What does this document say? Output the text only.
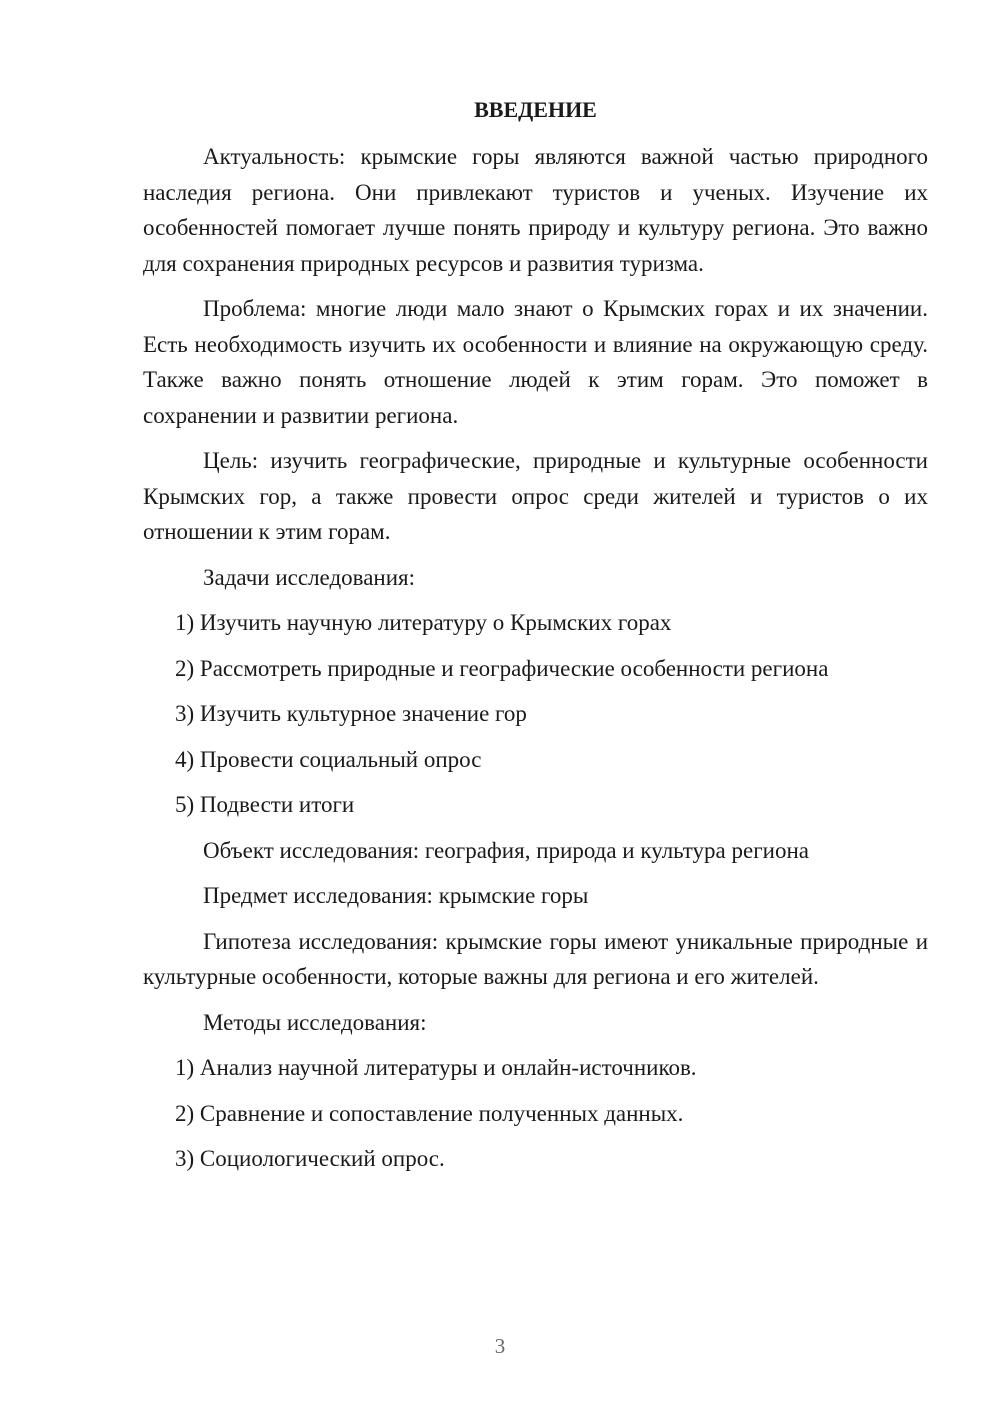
ВВЕДЕНИЕ

Актуальность: крымские горы являются важной частью природного наследия региона. Они привлекают туристов и ученых. Изучение их особенностей помогает лучше понять природу и культуру региона. Это важно для сохранения природных ресурсов и развития туризма.

Проблема: многие люди мало знают о Крымских горах и их значении. Есть необходимость изучить их особенности и влияние на окружающую среду. Также важно понять отношение людей к этим горам. Это поможет в сохранении и развитии региона.

Цель: изучить географические, природные и культурные особенности Крымских гор, а также провести опрос среди жителей и туристов о их отношении к этим горам.

Задачи исследования:

1) Изучить научную литературу о Крымских горах
2) Рассмотреть природные и географические особенности региона
3) Изучить культурное значение гор
4) Провести социальный опрос
5) Подвести итоги

Объект исследования: география, природа и культура региона

Предмет исследования: крымские горы

Гипотеза исследования: крымские горы имеют уникальные природные и культурные особенности, которые важны для региона и его жителей.

Методы исследования:

1) Анализ научной литературы и онлайн-источников.
2) Сравнение и сопоставление полученных данных.
3) Социологический опрос.
3
